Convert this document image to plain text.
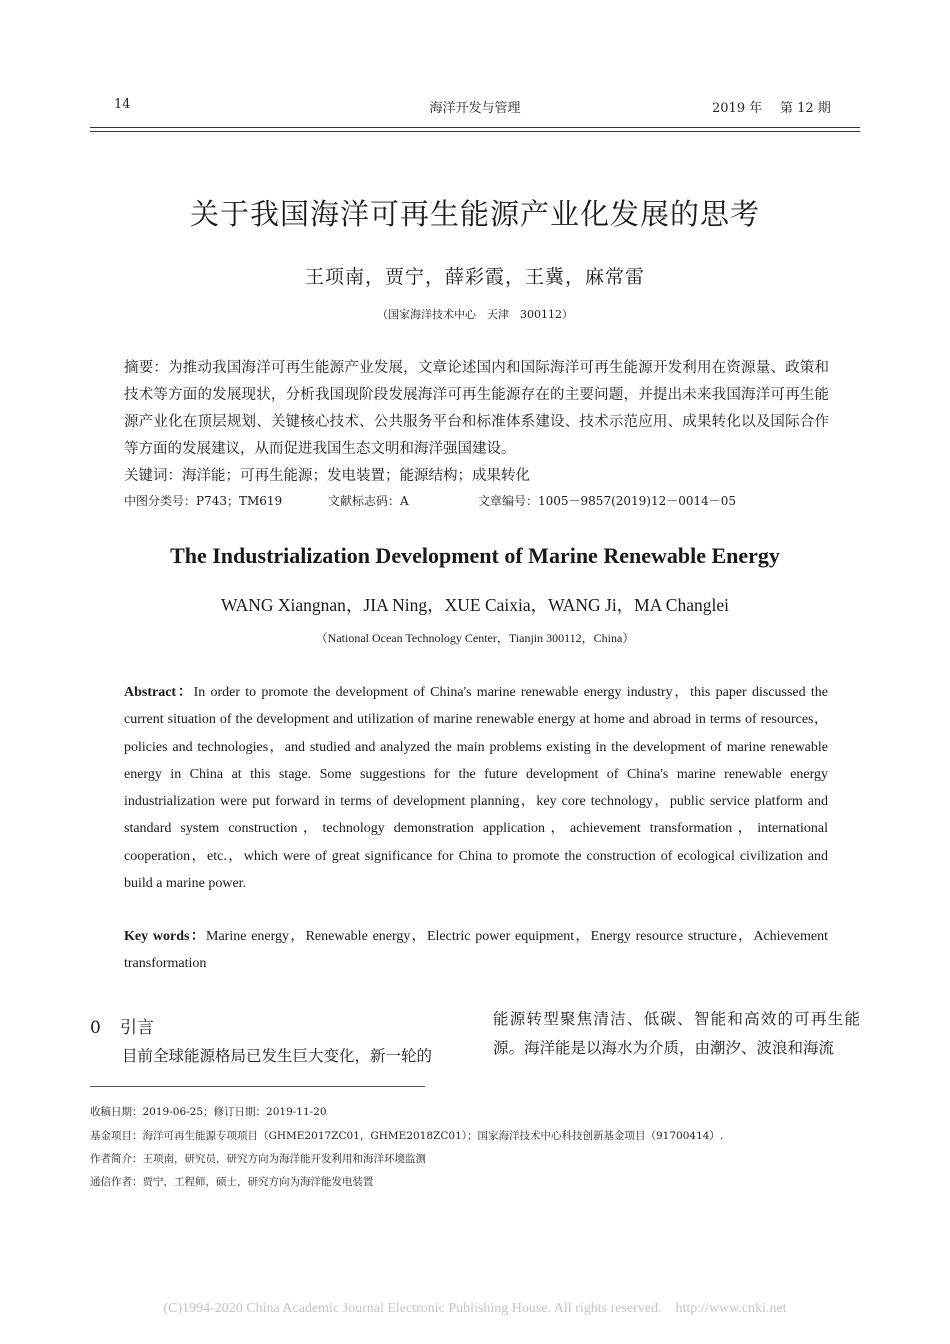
14	海洋开发与管理	2019 年 第 12 期
关于我国海洋可再生能源产业化发展的思考
王项南，贾宁，薛彩霞，王冀，麻常雷
（国家海洋技术中心　天津　300112）
摘要：为推动我国海洋可再生能源产业发展，文章论述国内和国际海洋可再生能源开发利用在资源量、政策和技术等方面的发展现状，分析我国现阶段发展海洋可再生能源存在的主要问题，并提出未来我国海洋可再生能源产业化在顶层规划、关键核心技术、公共服务平台和标准体系建设、技术示范应用、成果转化以及国际合作等方面的发展建议，从而促进我国生态文明和海洋强国建设。
关键词：海洋能；可再生能源；发电装置；能源结构；成果转化
中图分类号：P743；TM619	文献标志码：A	文章编号：1005－9857(2019)12－0014－05
The Industrialization Development of Marine Renewable Energy
WANG Xiangnan，JIA Ning，XUE Caixia，WANG Ji，MA Changlei
（National Ocean Technology Center，Tianjin 300112，China）
Abstract：In order to promote the development of China's marine renewable energy industry，this paper discussed the current situation of the development and utilization of marine renewable energy at home and abroad in terms of resources，policies and technologies，and studied and analyzed the main problems existing in the development of marine renewable energy in China at this stage. Some suggestions for the future development of China's marine renewable energy industrialization were put forward in terms of development planning，key core technology，public service platform and standard system construction，technology demonstration application，achievement transformation，international cooperation，etc.，which were of great significance for China to promote the construction of ecological civilization and build a marine power.
Key words：Marine energy，Renewable energy，Electric power equipment，Energy resource structure，Achievement transformation
0 引言
目前全球能源格局已发生巨大变化，新一轮的
能源转型聚焦清洁、低碳、智能和高效的可再生能源。海洋能是以海水为介质，由潮汐、波浪和海流
收稿日期：2019-06-25；修订日期：2019-11-20
基金项目：海洋可再生能源专项项目（GHME2017ZC01，GHME2018ZC01）；国家海洋技术中心科技创新基金项目（91700414）.
作者简介：王项南，研究员，研究方向为海洋能开发利用和海洋环境监测
通信作者：贾宁，工程师，硕士，研究方向为海洋能发电装置
(C)1994-2020 China Academic Journal Electronic Publishing House. All rights reserved.　http://www.cnki.net
